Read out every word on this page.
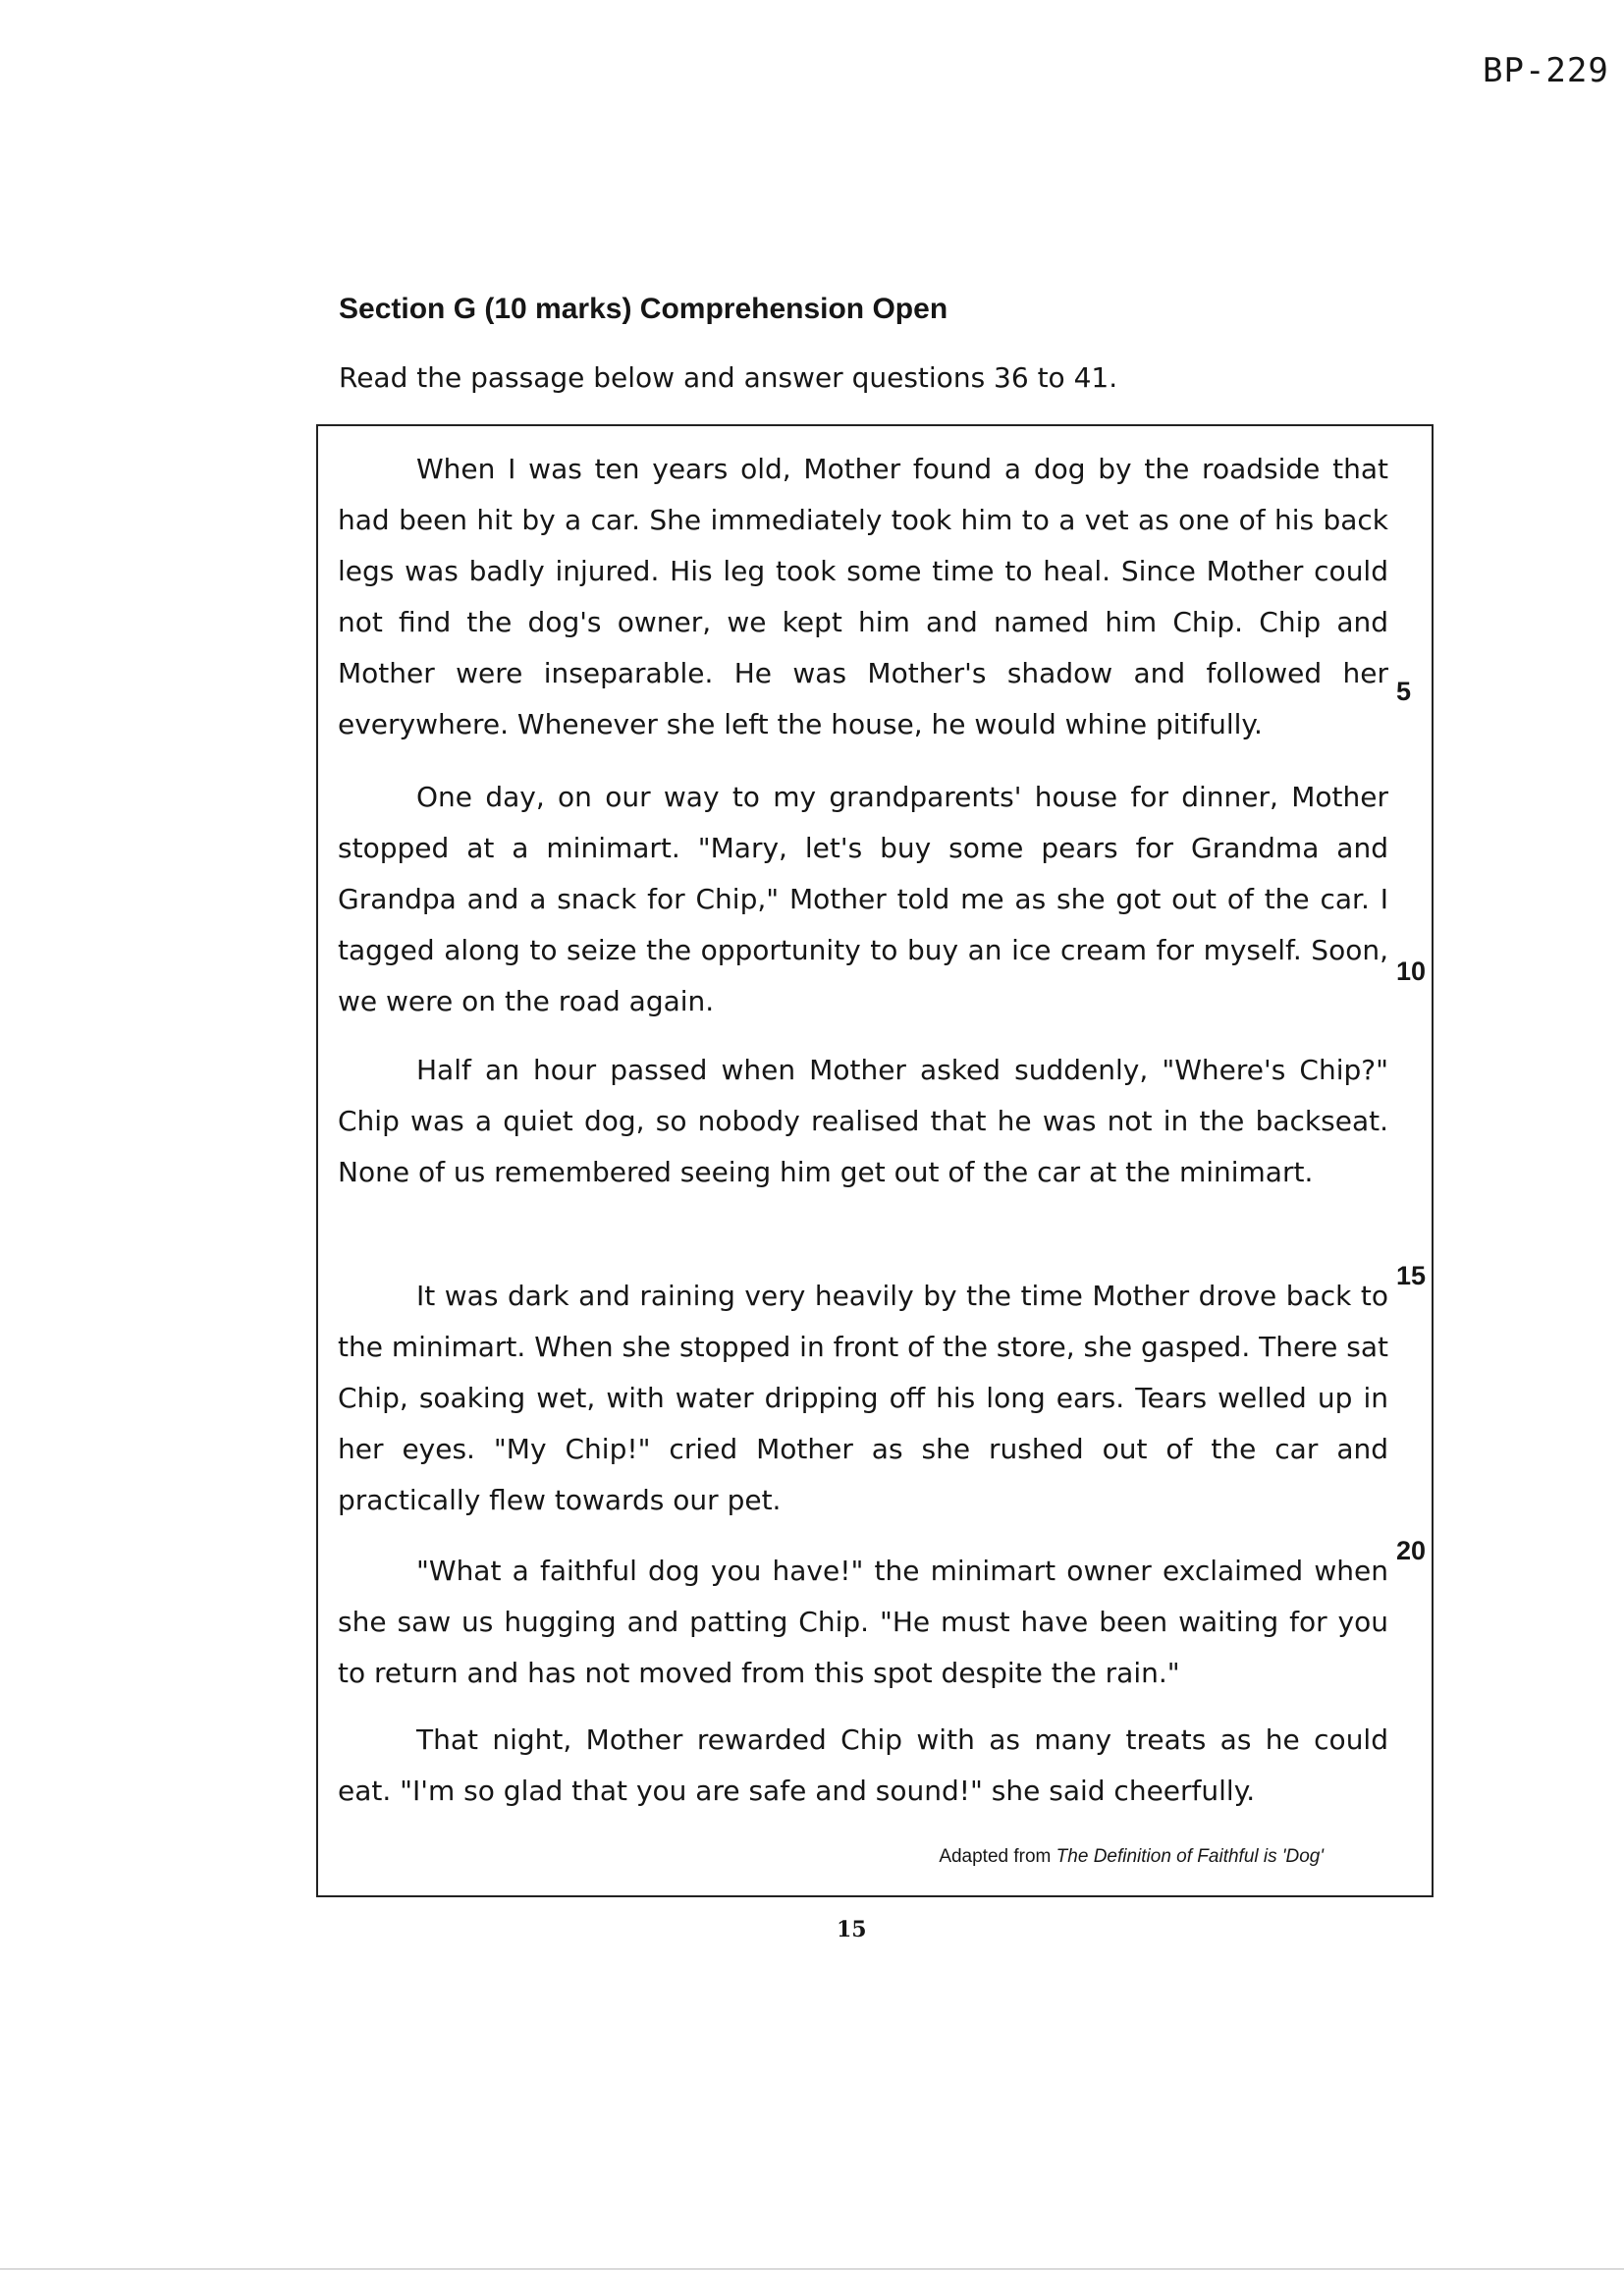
BP-229
Section G (10 marks) Comprehension Open
Read the passage below and answer questions 36 to 41.

When I was ten years old, Mother found a dog by the roadside that had been hit by a car. She immediately took him to a vet as one of his back legs was badly injured. His leg took some time to heal. Since Mother could not find the dog's owner, we kept him and named him Chip. Chip and Mother were inseparable. He was Mother's shadow and followed her everywhere. Whenever she left the house, he would whine pitifully.

One day, on our way to my grandparents' house for dinner, Mother stopped at a minimart. "Mary, let's buy some pears for Grandma and Grandpa and a snack for Chip," Mother told me as she got out of the car. I tagged along to seize the opportunity to buy an ice cream for myself. Soon, we were on the road again.

Half an hour passed when Mother asked suddenly, "Where's Chip?" Chip was a quiet dog, so nobody realised that he was not in the backseat. None of us remembered seeing him get out of the car at the minimart.

It was dark and raining very heavily by the time Mother drove back to the minimart. When she stopped in front of the store, she gasped. There sat Chip, soaking wet, with water dripping off his long ears. Tears welled up in her eyes. "My Chip!" cried Mother as she rushed out of the car and practically flew towards our pet.

"What a faithful dog you have!" the minimart owner exclaimed when she saw us hugging and patting Chip. "He must have been waiting for you to return and has not moved from this spot despite the rain."

That night, Mother rewarded Chip with as many treats as he could eat. "I'm so glad that you are safe and sound!" she said cheerfully.

5
10
15
20
Adapted from The Definition of Faithful is 'Dog'
15
